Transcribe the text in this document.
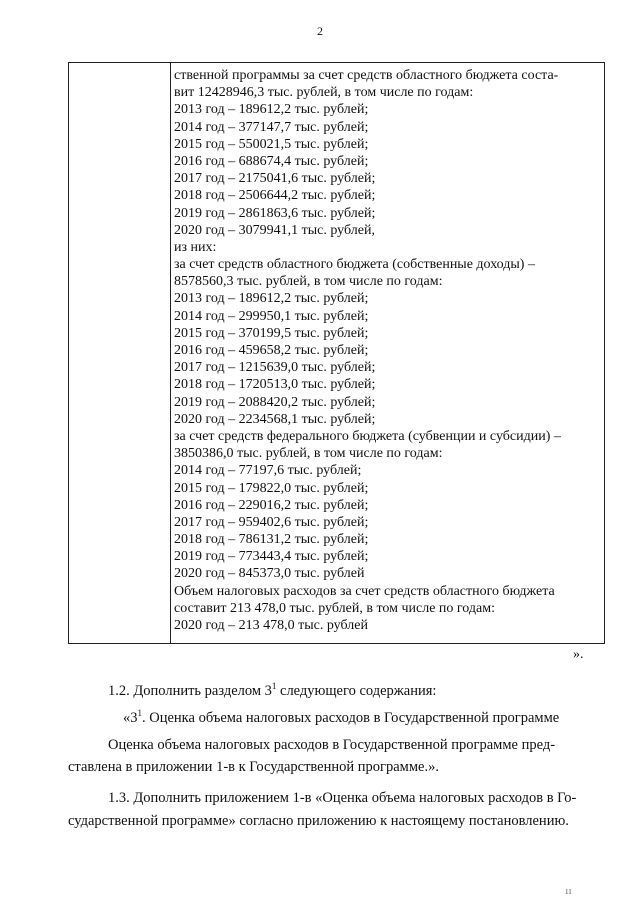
2
ственной программы за счет средств областного бюджета соста-
вит 12428946,3 тыс. рублей, в том числе по годам:
2013 год – 189612,2 тыс. рублей;
2014 год – 377147,7 тыс. рублей;
2015 год – 550021,5 тыс. рублей;
2016 год – 688674,4 тыс. рублей;
2017 год – 2175041,6 тыс. рублей;
2018 год – 2506644,2 тыс. рублей;
2019 год – 2861863,6 тыс. рублей;
2020 год – 3079941,1 тыс. рублей,
из них:
за счет средств областного бюджета (собственные доходы) –
8578560,3 тыс. рублей, в том числе по годам:
2013 год – 189612,2 тыс. рублей;
2014 год – 299950,1 тыс. рублей;
2015 год – 370199,5 тыс. рублей;
2016 год – 459658,2 тыс. рублей;
2017 год – 1215639,0 тыс. рублей;
2018 год – 1720513,0 тыс. рублей;
2019 год – 2088420,2 тыс. рублей;
2020 год – 2234568,1 тыс. рублей;
за счет средств федерального бюджета (субвенции и субсидии) –
3850386,0 тыс. рублей, в том числе по годам:
2014 год – 77197,6 тыс. рублей;
2015 год – 179822,0 тыс. рублей;
2016 год – 229016,2 тыс. рублей;
2017 год – 959402,6 тыс. рублей;
2018 год – 786131,2 тыс. рублей;
2019 год – 773443,4 тыс. рублей;
2020 год – 845373,0 тыс. рублей
Объем налоговых расходов за счет средств областного бюджета
составит 213 478,0 тыс. рублей, в том числе по годам:
2020 год – 213 478,0 тыс. рублей
».
1.2. Дополнить разделом $3^1$ следующего содержания:
«$3^1$. Оценка объема налоговых расходов в Государственной программе
Оценка объема налоговых расходов в Государственной программе пред-
ставлена в приложении 1-в к Государственной программе.».
1.3. Дополнить приложением 1-в «Оценка объема налоговых расходов в Го-
сударственной программе» согласно приложению к настоящему постановлению.
11
